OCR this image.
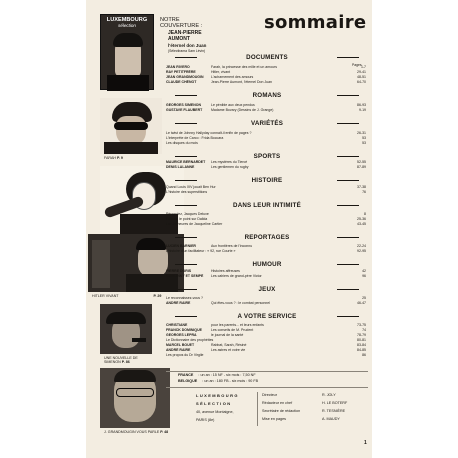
LUXEMBOURG
sélection
NOTRE COUVERTURE :
JEAN-PIERRE
AUMONT
l'éternel don Juan
(Sélectirama Sam Lévin)
sommaire
Pages
FARAH P. 9
HITLER VIVANT	P. 29
UNE NOUVELLE DE SIMENON P. 86
J. GRANDMOUGIN VOUS PARLE P. 48
DOCUMENTS
JEAN RIVERO	Farah, la princesse des mille et un amours	1-7
RAY PETITFRÈRE	Hitler, vivant	29-41
JEAN GRANDMOUGIN	L'acharnement des amours	48-51
CLAUDE CHÉNOT	Jean-Pierre Aumont, l'éternel Don Juan	64-70
ROMANS
GEORGES SIMENON	Le pénible aux deux pendus	86-93
GUSTAVE FLAUBERT	Madame Bovary (Dessins de J. Grange)	9-19
VARIÉTÉS
Le twist de Johnny Hallyday connaît-il enfin de pages ?	26-31
L'interprète de Carco : Frida Boccara	53
Les disques du mois	53
SPORTS
MAURICE BERNARDET	Les mystères du Tiercé	52-55
DENIS LALANNE	Les gentlemen du rugby	87-89
HISTOIRE
Quand Louis XIV jouait Ben Hur	37-38
L'histoire des superstitions	76
DANS LEUR INTIMITÉ
Répondez, Jacques Deluxe	8
Faisons le point sur Dalida	25-36
Les 24 heures de Jacqueline Cartier	43-45
REPORTAGES
LUCIEN BARNIER	Aux frontières de l'inconnu	22-24
L'histoire d'un facilitateur : « 92, rue Courte »	92-95
HUMOUR
PIERRE DORIS	Histoires affreuses	42
GOSCINNY ET SEMPÉ	Les cahiers de grand-père Victor	96
JEUX
Le reconnaissez-vous ?	25
ANDRÉ RAIRE	Qui êtes-vous ? : le combat personnel	46-47
A VOTRE SERVICE
CHRISTIANE	pour les parents... et leurs enfants	73-75
FRANCK DOMINIQUE	Les conseils de M. Prudent	74
GEORGES LEPRA	le journal de la santé	78-79
Le Dictionnaire des prophéties	80-81
MARCEL BOUET	Rabbat, Sarah, Résiné	83-84
ANDRÉ RAIRE	Les astres et votre vie	84-85
Les propos du Dr Virgile	86
FRANCE : un an : 15 NF - six mois : 7,50 NF
BELGIQUE : un an : 180 FB - six mois : 90 FB
LUXEMBOURG
SÉLECTION
40, avenue Montaigne,
PARIS (8e)
Directeur	R. JOLY
Rédacteur en chef	H. LE BOTERF
Secrétaire de rédaction	R. TESNIÈRE
Mise en pages	A. MAUDY
1
